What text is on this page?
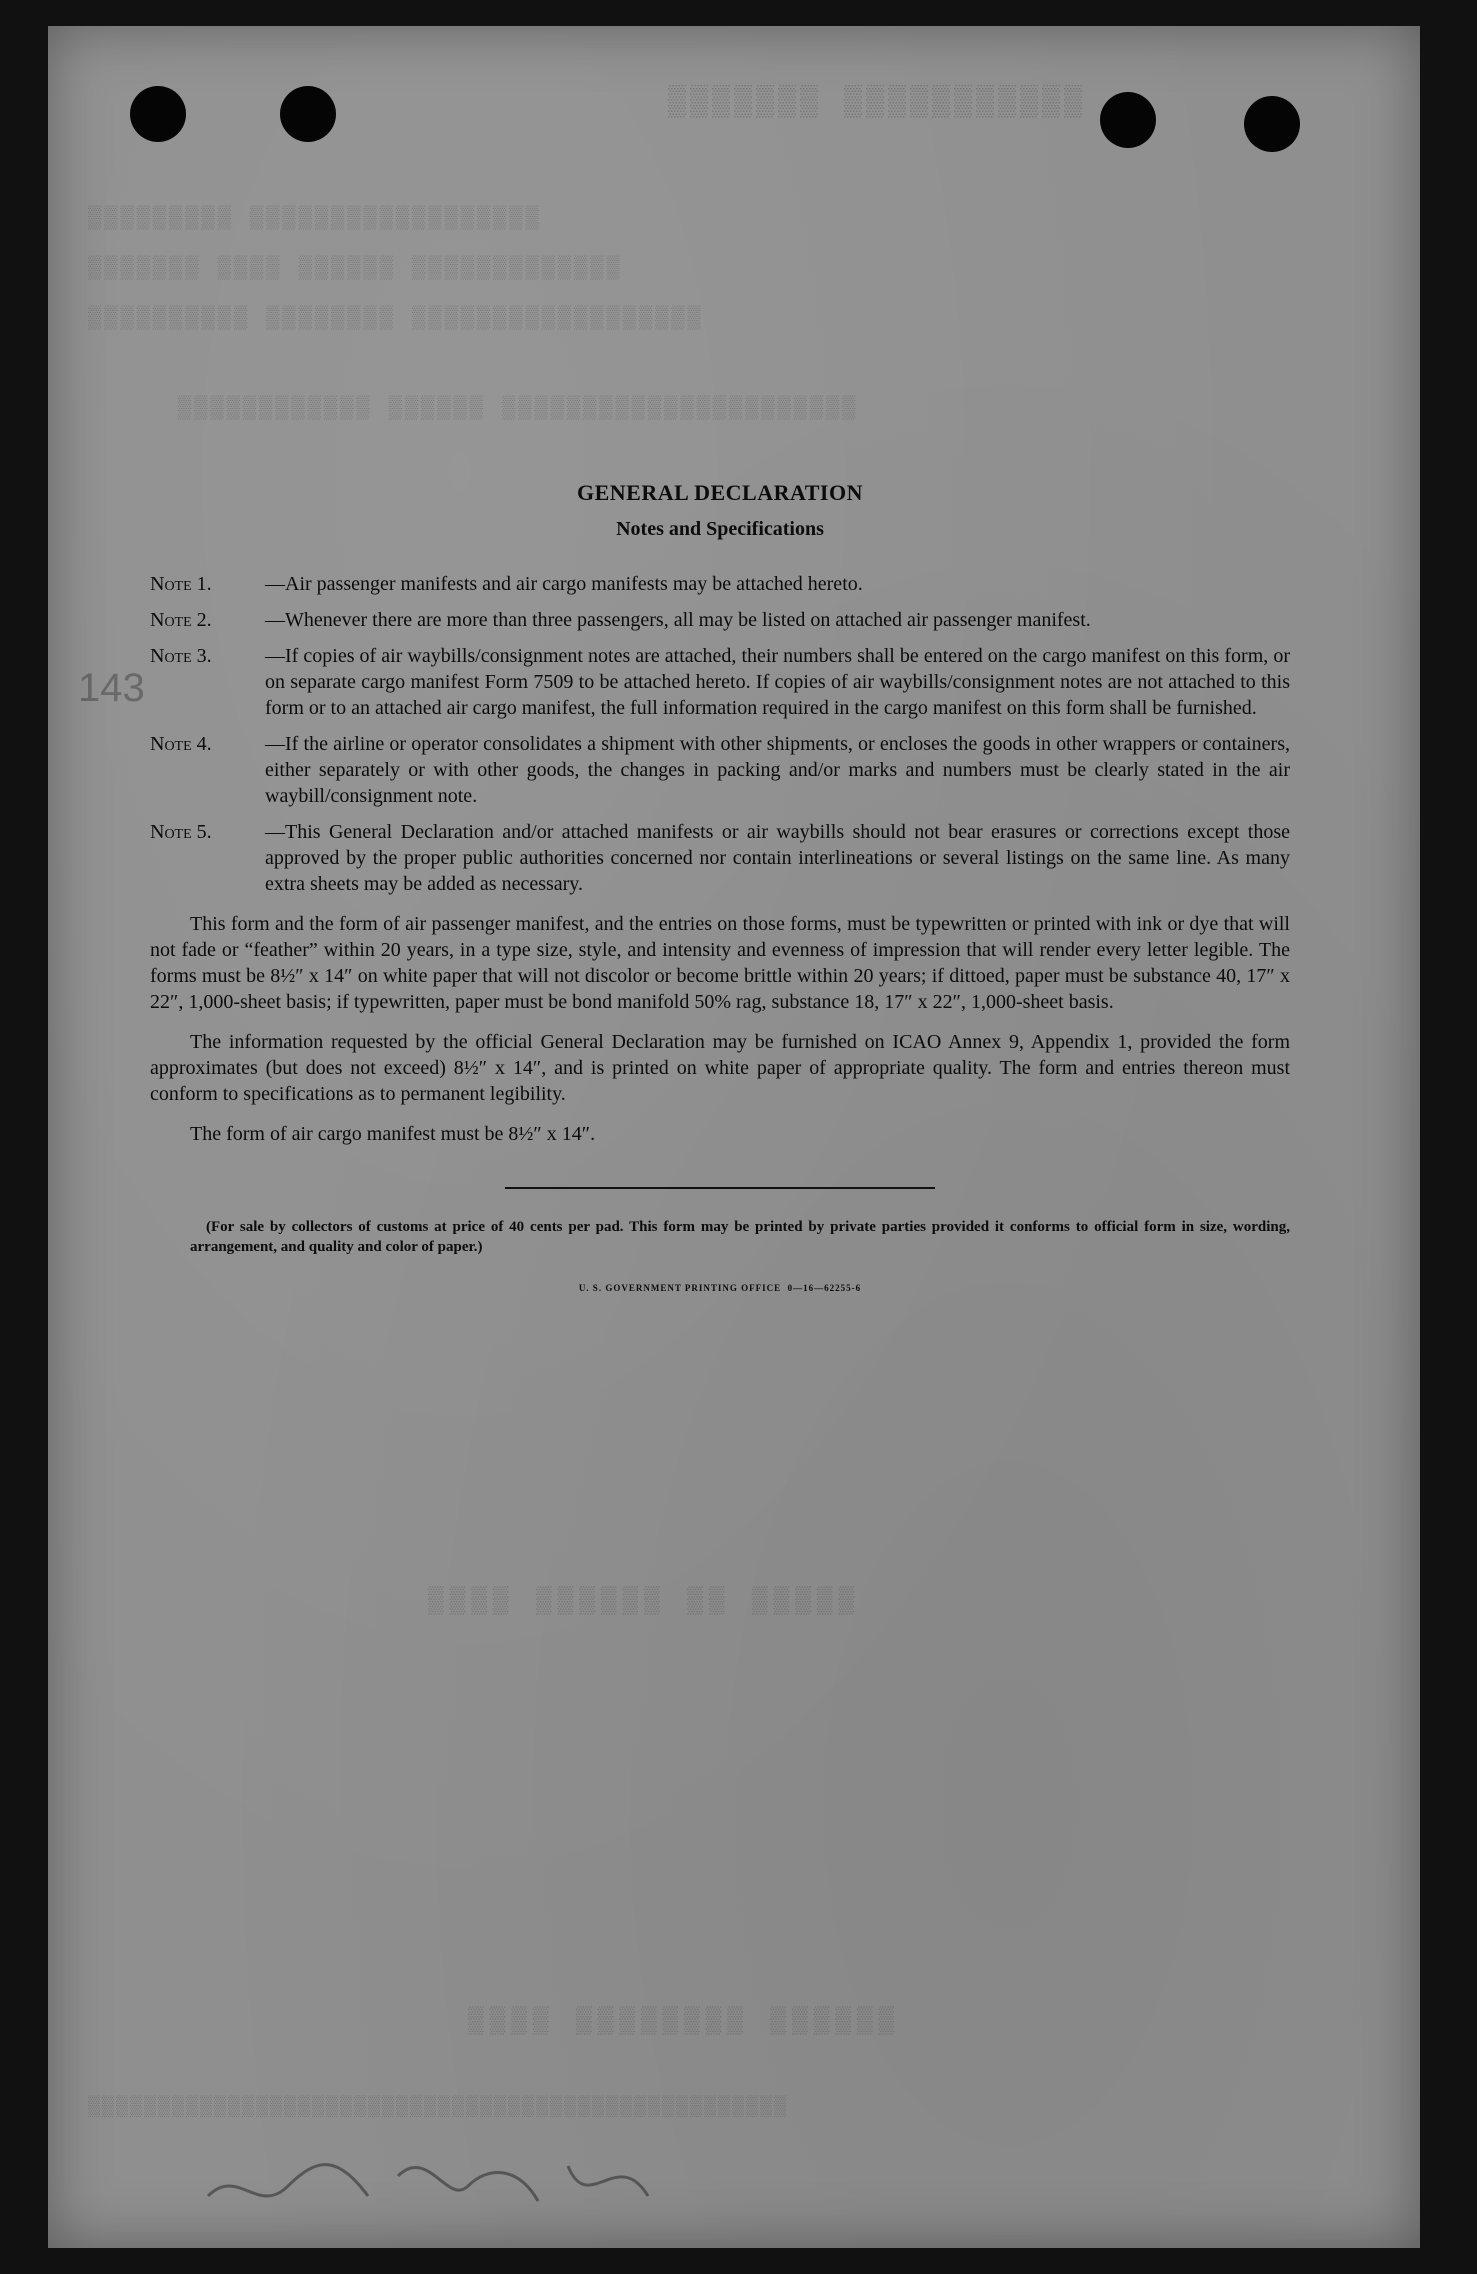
▒▒▒▒▒▒▒ ▒▒▒▒▒▒▒▒▒▒▒
▒▒▒▒▒▒▒▒▒ ▒▒▒▒▒▒▒▒▒▒▒▒▒▒▒▒▒▒
▒▒▒▒▒▒▒ ▒▒▒▒ ▒▒▒▒▒▒ ▒▒▒▒▒▒▒▒▒▒▒▒▒
▒▒▒▒▒▒▒▒▒▒ ▒▒▒▒▒▒▒▒ ▒▒▒▒▒▒▒▒▒▒▒▒▒▒▒▒▒▒
▒▒▒▒▒▒▒▒▒▒▒▒ ▒▒▒▒▒▒ ▒▒▒▒▒▒▒▒▒▒▒▒▒▒▒▒▒▒▒▒▒▒
▒▒▒▒ ▒▒▒▒▒▒ ▒▒ ▒▒▒▒▒
▒▒▒▒ ▒▒▒▒▒▒▒▒ ▒▒▒▒▒▒
▒▒▒▒▒▒▒▒▒▒▒▒▒▒▒▒▒▒▒▒▒▒▒▒▒▒▒▒▒▒▒▒▒▒▒▒▒▒▒▒▒▒▒▒▒▒▒▒▒▒
143
GENERAL DECLARATION
Notes and Specifications
Note 1.	—Air passenger manifests and air cargo manifests may be attached hereto.
Note 2.	—Whenever there are more than three passengers, all may be listed on attached air passenger manifest.
Note 3.	—If copies of air waybills/consignment notes are attached, their numbers shall be entered on the cargo manifest on this form, or on separate cargo manifest Form 7509 to be attached hereto. If copies of air waybills/consignment notes are not attached to this form or to an attached air cargo manifest, the full information required in the cargo manifest on this form shall be furnished.
Note 4.	—If the airline or operator consolidates a shipment with other shipments, or encloses the goods in other wrappers or containers, either separately or with other goods, the changes in packing and/or marks and numbers must be clearly stated in the air waybill/consignment note.
Note 5.	—This General Declaration and/or attached manifests or air waybills should not bear erasures or corrections except those approved by the proper public authorities concerned nor contain interlineations or several listings on the same line. As many extra sheets may be added as necessary.

This form and the form of air passenger manifest, and the entries on those forms, must be typewritten or printed with ink or dye that will not fade or “feather” within 20 years, in a type size, style, and intensity and evenness of impression that will render every letter legible. The forms must be 8½″ x 14″ on white paper that will not discolor or become brittle within 20 years; if dittoed, paper must be substance 40, 17″ x 22″, 1,000-sheet basis; if typewritten, paper must be bond manifold 50% rag, substance 18, 17″ x 22″, 1,000-sheet basis.

The information requested by the official General Declaration may be furnished on ICAO Annex 9, Appendix 1, provided the form approximates (but does not exceed) 8½″ x 14″, and is printed on white paper of appropriate quality. The form and entries thereon must conform to specifications as to permanent legibility.

The form of air cargo manifest must be 8½″ x 14″.

(For sale by collectors of customs at price of 40 cents per pad. This form may be printed by private parties provided it conforms to official form in size, wording, arrangement, and quality and color of paper.)
U. S. GOVERNMENT PRINTING OFFICE  0—16—62255-6
